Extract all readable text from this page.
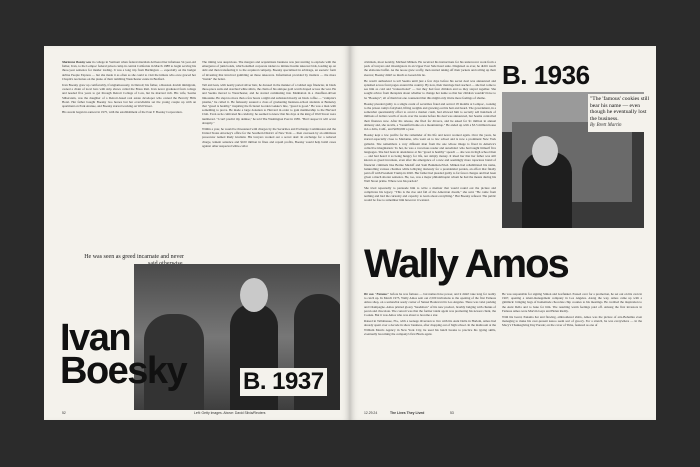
Marianne Boesky was in college in Vermont when federal marshals delivered her infamous 52-year-old father, Ivan, to the Lompoc federal prison camp in central California in March 1988 to begin serving his three-year sentence for insider trading. It was a long trip from Burlington — especially on the budget airline People Express — but she made it as often as she could to visit the inmate who once graced her Chopin's nocturnes on the piano of their rambling Westchester estate in Bedford.

Ivan Boesky grew up comfortably, if unglamorously, in Detroit; his father, a Russian Jewish immigrant, owned a chain of local bars with strip shows called the Brass Rail. Ivan never graduated from college and needed five years to get through Detroit College of Law, but he married rich. His wife, Seema Silberstein, was the daughter of a Detroit-based real estate developer who owned the Beverly Hills Hotel. Her father bought Boesky two horses but her overwhelms set the young couple up with an apartment on Park Avenue, and Boesky started working on Wall Street.

His ascent began in earnest in 1975, with the establishment of the Ivan F. Boesky Corporation.

The timing was auspicious. The mergers and acquisitions business was just starting to explode with the emergence of junk bonds, which enabled corporate raiders to initiate hostile takeover bids, loading up on debt and then transferring it to the acquired company. Boesky specialized in arbitrage, an esoteric form of investing that involved gambling on these takeovers. Information provided by insiders — the more "inside" the better.

Tall and lean, with neatly parted silver hair, he dressed in the manner of a Gilded Age financier, in black three-piece suits and starched white shirts, the chain of his antique gold watch draped across the vest. He and Seema moved to Westchester, and he started commuting into Manhattan in a chauffeur-driven limousine. He slept no more than a few hours a night and subsisted mostly on black coffee — "vampire's plasma," he called it. He famously assured a class of graduating business-school students at Berkeley that "greed is healthy," inspiring the fictional Gordon Gekko's line, "greed is good." He was a man with something to prove. He made a large donation to Harvard in order to gain membership to the Harvard Club. Even as he cultivated his celebrity, he seemed to know that his days at the king of Wall Street were numbered. "I can't predict my demise," he told The Washington Post in 1985. "But I suspect it will occur abruptly."

Within a year, he would be threatened with charges by the Securities and Exchange Commission and the United States Attorney's office for the Southern District of New York — then overseen by an ambitious prosecutor named Rudy Giuliani. His lawyers worked out a secret deal: In exchange for a reduced charge, lenient sentence and $100 million in fines and repaid profits, Boesky would help build cases against other suspected white-collar

He was seen as greed incarnate and never
Ivan
Boesky B. 1937
52	Left: Getty Images. Above: David Silvia/Reuters

criminals, most notably, Michael Milken. He received his instructions for his undercover work from a pack of lawyers and investigators in an Upper East Side hotel suite. Disguised as ever, he didn't touch the elaborate buffet. As the noose grew scaffy, men started taking off their jackets and rolling up their sleeves; Boesky didn't so much as loosen his tie.

He wasn't authorized to tell Seema until just a few days before his secret deal was announced and splashed across front pages around the country. By now, their marriage had reached — she had come to see him as cold and "transactional" — but they had four children and so they stayed together. She sought advice from therapists about whether to change her name so that her children wouldn't have to be "Boeskys"; all of them but one counseled that this might only invite more feelings of shame.

Boesky pleaded guilty to a single count of securities fraud and served 18 months at Lompoc, cooking to the prison camp's fairyland, lifting weights and growing out his hair and beard. The government, in a somewhat questionably effort to avoid a market crash, had allowed him to secretly sell hundreds of millions of dollars worth of stock over the weeks before his deal was announced, but Seema controlled their finances now. After his release, she filed for divorce, and he asked for $1 million in annual alimony and, she recalls, a "beautiful home on a mountaintop." He ended up with a $3.5 million house in La Jolla, Calif., and $180,000 a year.

Boesky kept a low profile for the remainder of his life and never worked again. Over the years, he started especially close to Marianne, who went on to law school and is now a prominent New York gallerist. She remembers a very different man from the one whose image is fixed in America's collective imagination: To her, he was a voracious reader and autodidact who had taught himself five languages. She had been in attendance at his "greed is healthy" speech — she was in high school then — and had heard it as being hungry for life, not simply money. It irked her that her father was still known as greed incarnate, even after the emergence of a new and seemingly more rapacious brand of financial criminals like Bernie Madoff and Sam Bankman-Fried. Milken had rehabilitated his name, bankrolling various charities while lobbying tirelessly for a presidential pardon, an effort that finally paid off with President Trump in 2020. Her father had pleaded guilty to far fewer charges and had been given a much shorter sentence. He, too, was a major philanthropist whom he had the means during his Wall Street prime. Where was his pardon?

She tried repeatedly to persuade him to write a memoir that would round out the picture and complicate his legacy. "This is the rise and fall of the American dream," she said. "He came from nothing and had the curiosity and capacity to learn about everything." But Boesky refused. The public would be free to remember him however it wanted.

B. 1936
"The 'famous' cookies still bear his name — even though he eventually lost the business.
By Brett Martin
Wally Amos

He was "Famous" before he was famous — but names have power, and it didn't take long for reality to catch up. In March 1975, Wally Amos sent out 2,500 invitations to the opening of the first Famous Amos shop, on a somewhat seedy corner of Sunset Boulevard in Los Angeles. There was valet parking and Champagne. Amos printed glossy "headshots" of his new product, brashly bulging with chunks of pecan and chocolate. The conceit was that the former talent agent was promoting his newest client, the Cookie. But it was Amos who was about to become a star.

Raised in Tallahassee, Fla., with a teenage diversion to live with his Aunt Della in Harlem, Amos had already spent over a decade in show business, after dropping out of high school. In the mailroom at the William Morris Agency in New York City, he used his lunch breaks to practice his typing skills, eventually becoming the company's first Black agent.

He was responsible for signing Simon and Garfunkel. Passed over for a promotion, he set out on his own in 1967, opening a talent-management company in Los Angeles. Along the way, Amos came up with a gimmick: bringing bags of homemade chocolate chip cookies to his meetings. He credited the inspiration to the Aunt Della and to bake for him. The resulting warm feelings paid off. Among the first investors in Famous Amos were Marvin Gaye and Helen Reddy.

With his beard, Panama hat and flowing, embroidered shirts, Amos was the picture of arts-Bohemia even managing to make his over-present kazoo seem sort of groovy. For a stretch, he was everywhere — in the Macy's Thanksgiving Day Parade; on the cover of Time, featured as one of

12.29.24	The Lives They Lived	53
